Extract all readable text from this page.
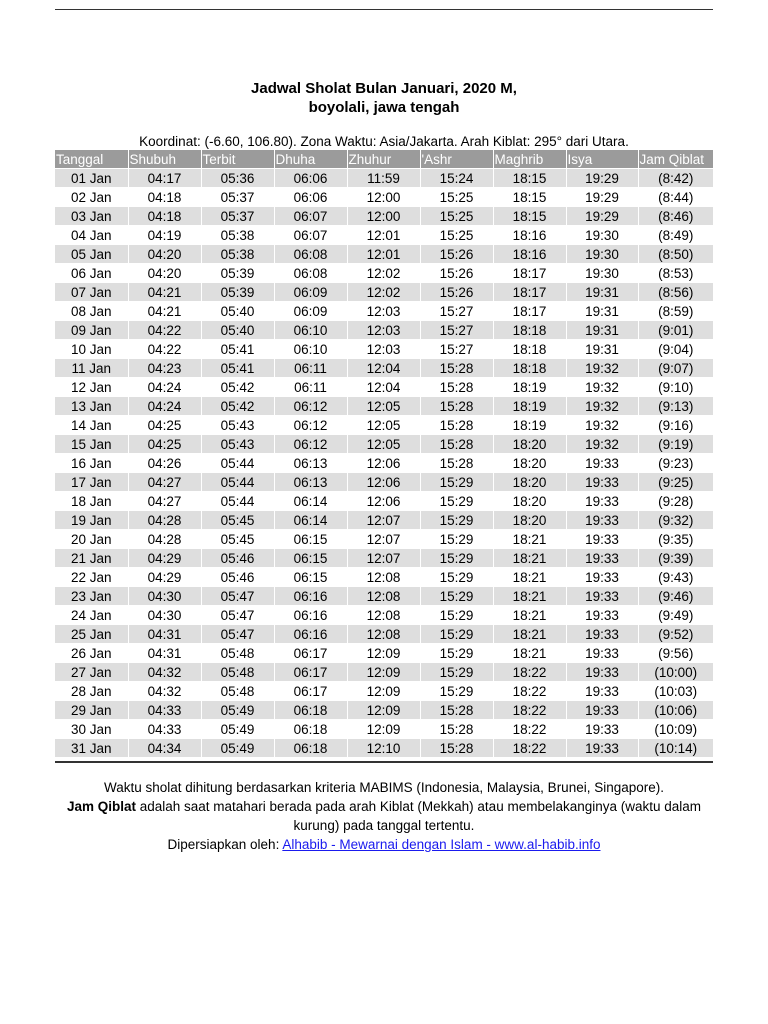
Jadwal Sholat Bulan Januari, 2020 M,
boyolali, jawa tengah
Koordinat: (-6.60, 106.80). Zona Waktu: Asia/Jakarta. Arah Kiblat: 295° dari Utara.
Tanggal	Shubuh	Terbit	Dhuha	Zhuhur	'Ashr	Maghrib	Isya	Jam Qiblat
01 Jan	04:17	05:36	06:06	11:59	15:24	18:15	19:29	(8:42)
02 Jan	04:18	05:37	06:06	12:00	15:25	18:15	19:29	(8:44)
03 Jan	04:18	05:37	06:07	12:00	15:25	18:15	19:29	(8:46)
04 Jan	04:19	05:38	06:07	12:01	15:25	18:16	19:30	(8:49)
05 Jan	04:20	05:38	06:08	12:01	15:26	18:16	19:30	(8:50)
06 Jan	04:20	05:39	06:08	12:02	15:26	18:17	19:30	(8:53)
07 Jan	04:21	05:39	06:09	12:02	15:26	18:17	19:31	(8:56)
08 Jan	04:21	05:40	06:09	12:03	15:27	18:17	19:31	(8:59)
09 Jan	04:22	05:40	06:10	12:03	15:27	18:18	19:31	(9:01)
10 Jan	04:22	05:41	06:10	12:03	15:27	18:18	19:31	(9:04)
11 Jan	04:23	05:41	06:11	12:04	15:28	18:18	19:32	(9:07)
12 Jan	04:24	05:42	06:11	12:04	15:28	18:19	19:32	(9:10)
13 Jan	04:24	05:42	06:12	12:05	15:28	18:19	19:32	(9:13)
14 Jan	04:25	05:43	06:12	12:05	15:28	18:19	19:32	(9:16)
15 Jan	04:25	05:43	06:12	12:05	15:28	18:20	19:32	(9:19)
16 Jan	04:26	05:44	06:13	12:06	15:28	18:20	19:33	(9:23)
17 Jan	04:27	05:44	06:13	12:06	15:29	18:20	19:33	(9:25)
18 Jan	04:27	05:44	06:14	12:06	15:29	18:20	19:33	(9:28)
19 Jan	04:28	05:45	06:14	12:07	15:29	18:20	19:33	(9:32)
20 Jan	04:28	05:45	06:15	12:07	15:29	18:21	19:33	(9:35)
21 Jan	04:29	05:46	06:15	12:07	15:29	18:21	19:33	(9:39)
22 Jan	04:29	05:46	06:15	12:08	15:29	18:21	19:33	(9:43)
23 Jan	04:30	05:47	06:16	12:08	15:29	18:21	19:33	(9:46)
24 Jan	04:30	05:47	06:16	12:08	15:29	18:21	19:33	(9:49)
25 Jan	04:31	05:47	06:16	12:08	15:29	18:21	19:33	(9:52)
26 Jan	04:31	05:48	06:17	12:09	15:29	18:21	19:33	(9:56)
27 Jan	04:32	05:48	06:17	12:09	15:29	18:22	19:33	(10:00)
28 Jan	04:32	05:48	06:17	12:09	15:29	18:22	19:33	(10:03)
29 Jan	04:33	05:49	06:18	12:09	15:28	18:22	19:33	(10:06)
30 Jan	04:33	05:49	06:18	12:09	15:28	18:22	19:33	(10:09)
31 Jan	04:34	05:49	06:18	12:10	15:28	18:22	19:33	(10:14)
Waktu sholat dihitung berdasarkan kriteria MABIMS (Indonesia, Malaysia, Brunei, Singapore).
Jam Qiblat adalah saat matahari berada pada arah Kiblat (Mekkah) atau membelakanginya (waktu dalam kurung) pada tanggal tertentu.
Dipersiapkan oleh: Alhabib - Mewarnai dengan Islam - www.al-habib.info
